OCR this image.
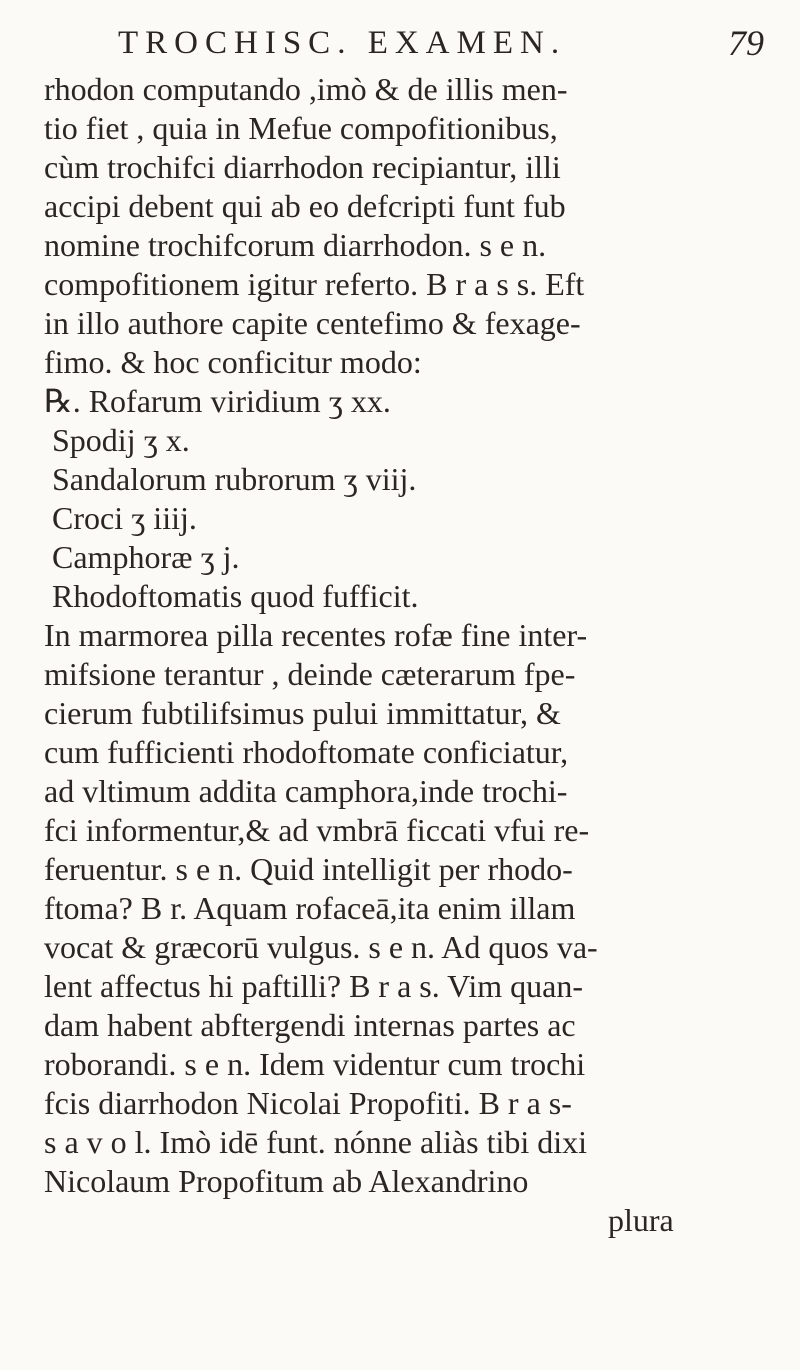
TROCHISC. EXAMEN.	79
rhodon computando ,imò & de illis men-
tio fiet , quia in Mefue compofitionibus,
cùm trochifci diarrhodon recipiantur, illi
accipi debent qui ab eo defcripti funt fub
nomine trochifcorum diarrhodon. s e n.
compofitionem igitur referto. B r a s s. Eft
in illo authore capite centefimo & fexage-
fimo. & hoc conficitur modo:
℞. Rofarum viridium ʒ xx.
Spodij ʒ x.
Sandalorum rubrorum ʒ viij.
Croci ʒ iiij.
Camphoræ ʒ j.
Rhodoftomatis quod fufficit.
In marmorea pilla recentes rofæ fine inter-
mifsione terantur , deinde cæterarum fpe-
cierum fubtilifsimus pului immittatur, &
cum fufficienti rhodoftomate conficiatur,
ad vltimum addita camphora,inde trochi-
fci informentur,& ad vmbrā ficcati vfui re-
feruentur. s e n. Quid intelligit per rhodo-
ftoma? B r. Aquam rofaceā,ita enim illam
vocat & græcorū vulgus. s e n. Ad quos va-
lent affectus hi paftilli? B r a s. Vim quan-
dam habent abftergendi internas partes ac
roborandi. s e n. Idem videntur cum trochi
fcis diarrhodon Nicolai Propofiti. B r a s-
s a v o l. Imò idē funt. nónne aliàs tibi dixi
Nicolaum Propofitum ab Alexandrino
plura
